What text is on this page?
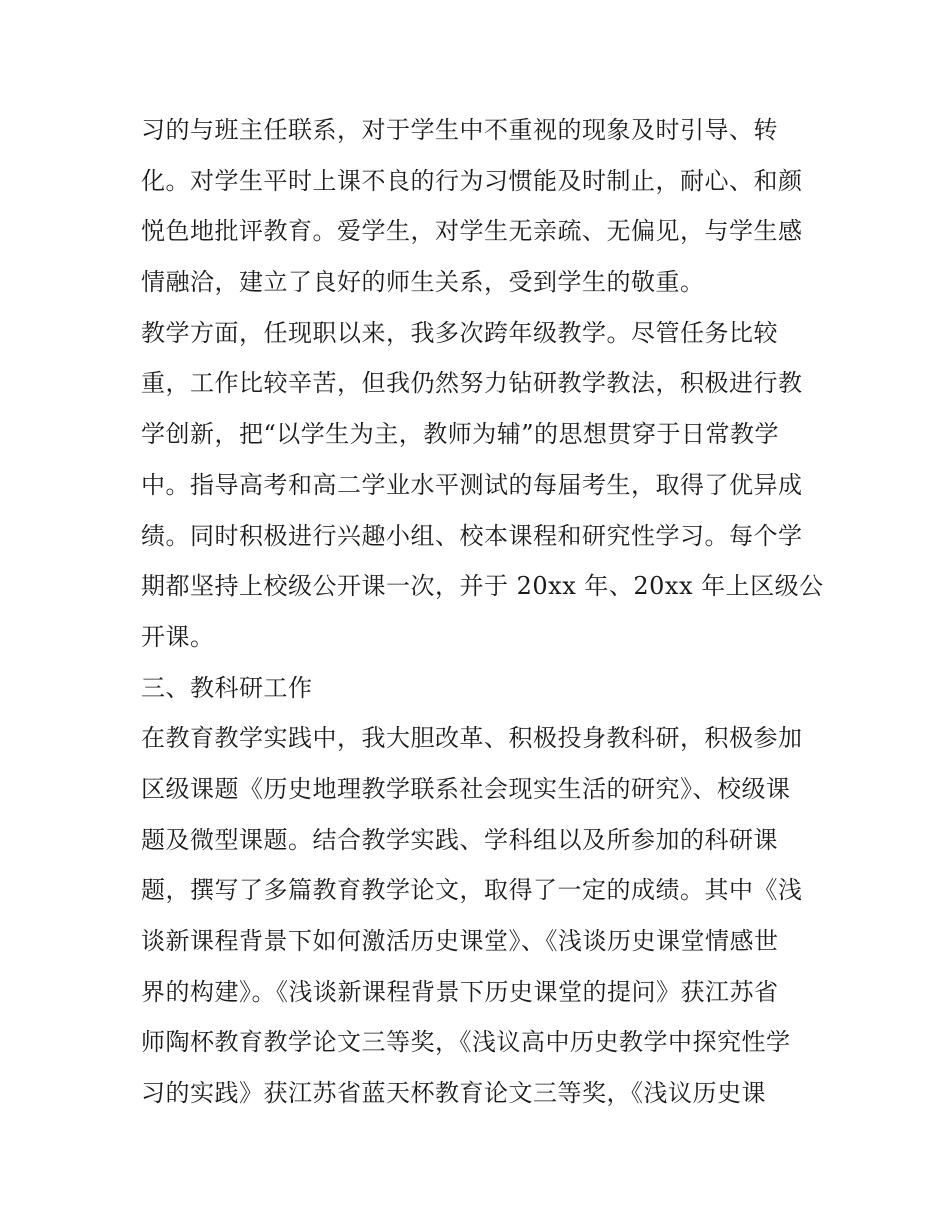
习的与班主任联系，对于学生中不重视的现象及时引导、转
化。对学生平时上课不良的行为习惯能及时制止，耐心、和颜
悦色地批评教育。爱学生，对学生无亲疏、无偏见，与学生感
情融洽，建立了良好的师生关系，受到学生的敬重。
教学方面，任现职以来，我多次跨年级教学。尽管任务比较
重，工作比较辛苦，但我仍然努力钻研教学教法，积极进行教
学创新，把“以学生为主，教师为辅”的思想贯穿于日常教学
中。指导高考和高二学业水平测试的每届考生，取得了优异成
绩。同时积极进行兴趣小组、校本课程和研究性学习。每个学
期都坚持上校级公开课一次，并于 20xx 年、20xx 年上区级公
开课。
三、教科研工作
在教育教学实践中，我大胆改革、积极投身教科研，积极参加
区级课题《历史地理教学联系社会现实生活的研究》、校级课
题及微型课题。结合教学实践、学科组以及所参加的科研课
题，撰写了多篇教育教学论文，取得了一定的成绩。其中《浅
谈新课程背景下如何激活历史课堂》、《浅谈历史课堂情感世
界的构建》。《浅谈新课程背景下历史课堂的提问》获江苏省
师陶杯教育教学论文三等奖，《浅议高中历史教学中探究性学
习的实践》获江苏省蓝天杯教育论文三等奖，《浅议历史课
